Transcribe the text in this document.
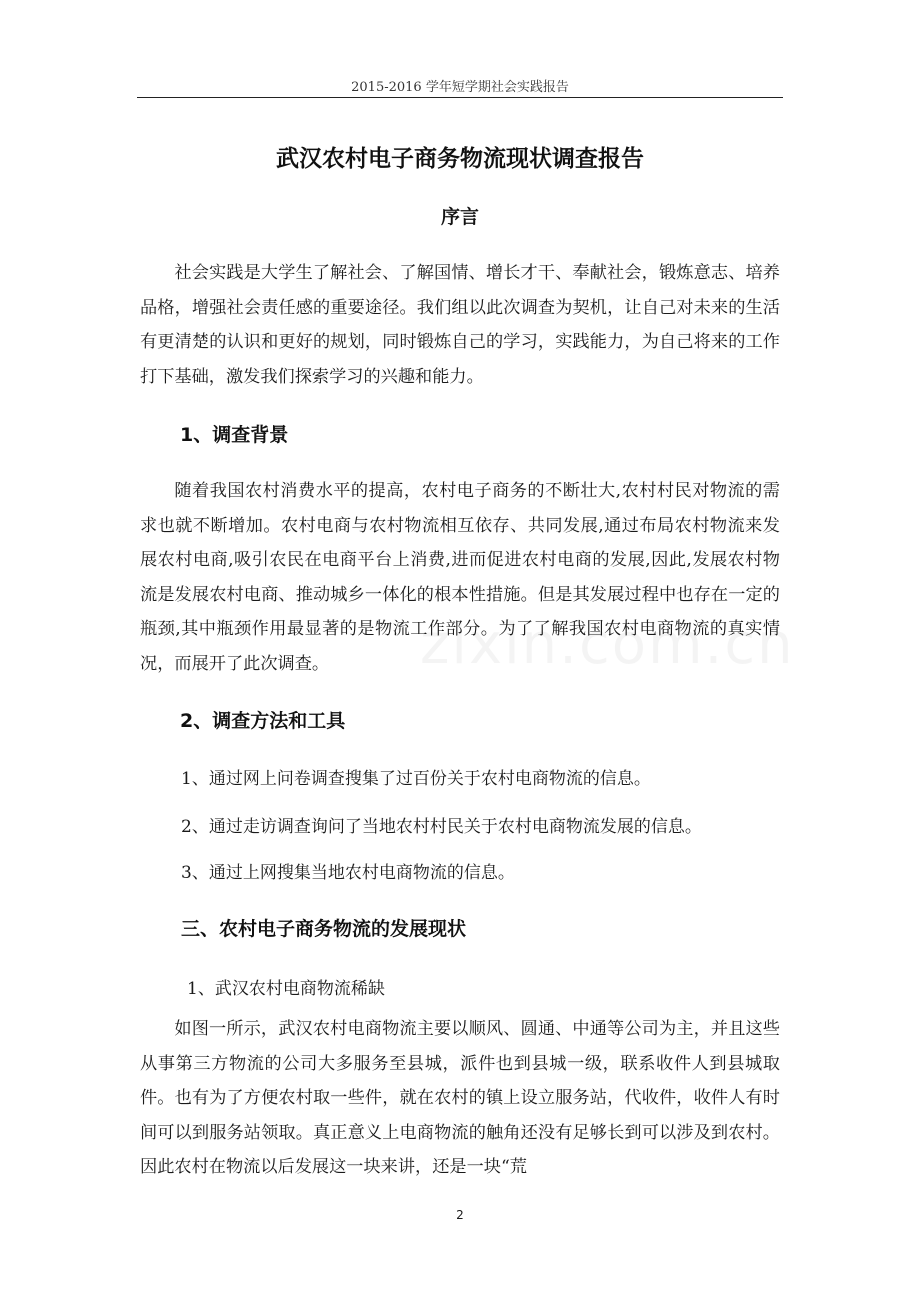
2015-2016 学年短学期社会实践报告
武汉农村电子商务物流现状调查报告
序言

社会实践是大学生了解社会、了解国情、增长才干、奉献社会，锻炼意志、培养品格，增强社会责任感的重要途径。我们组以此次调查为契机，让自己对未来的生活有更清楚的认识和更好的规划，同时锻炼自己的学习，实践能力，为自己将来的工作打下基础，激发我们探索学习的兴趣和能力。

1、调查背景

随着我国农村消费水平的提高，农村电子商务的不断壮大,农村村民对物流的需求也就不断增加。农村电商与农村物流相互依存、共同发展,通过布局农村物流来发展农村电商,吸引农民在电商平台上消费,进而促进农村电商的发展,因此,发展农村物流是发展农村电商、推动城乡一体化的根本性措施。但是其发展过程中也存在一定的瓶颈,其中瓶颈作用最显著的是物流工作部分。为了了解我国农村电商物流的真实情况，而展开了此次调查。

2、调查方法和工具
1、通过网上问卷调查搜集了过百份关于农村电商物流的信息。
2、通过走访调查询问了当地农村村民关于农村电商物流发展的信息。
3、通过上网搜集当地农村电商物流的信息。
三、农村电子商务物流的发展现状
1、武汉农村电商物流稀缺

如图一所示，武汉农村电商物流主要以顺风、圆通、中通等公司为主，并且这些从事第三方物流的公司大多服务至县城，派件也到县城一级，联系收件人到县城取件。也有为了方便农村取一些件，就在农村的镇上设立服务站，代收件，收件人有时间可以到服务站领取。真正意义上电商物流的触角还没有足够长到可以涉及到农村。因此农村在物流以后发展这一块来讲，还是一块“荒

2
